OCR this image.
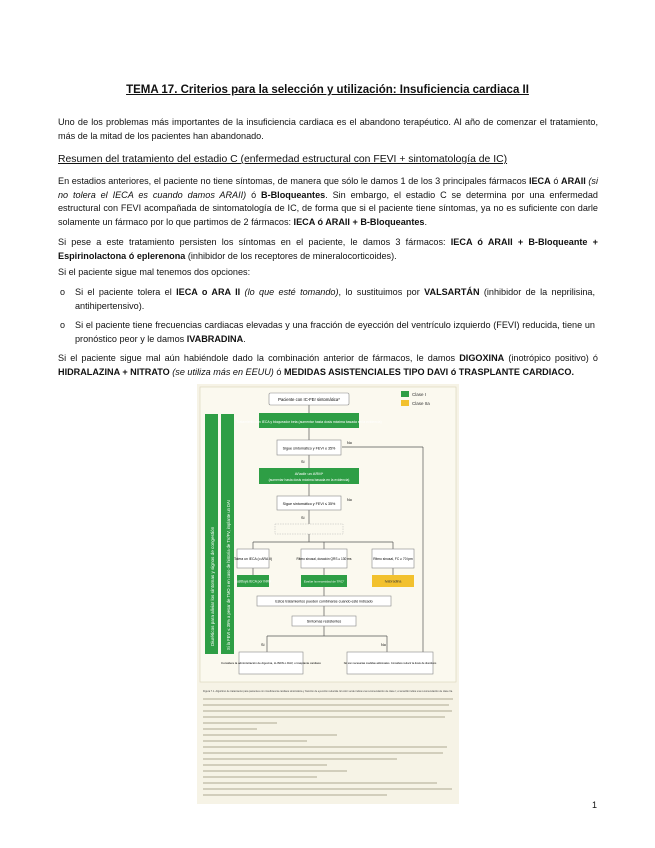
TEMA 17. Criterios para la selección y utilización: Insuficiencia cardiaca II

Uno de los problemas más importantes de la insuficiencia cardiaca es el abandono terapéutico. Al año de comenzar el tratamiento, más de la mitad de los pacientes han abandonado.

Resumen del tratamiento del estadio C (enfermedad estructural con FEVI + sintomatología de IC)

En estadios anteriores, el paciente no tiene síntomas, de manera que sólo le damos 1 de los 3 principales fármacos IECA ó ARAII (si no tolera el IECA es cuando damos ARAII) ó B-Bloqueantes. Sin embargo, el estadio C se determina por una enfermedad estructural con FEVI acompañada de sintomatología de IC, de forma que si el paciente tiene síntomas, ya no es suficiente con darle solamente un fármaco por lo que partimos de 2 fármacos: IECA ó ARAII + B-Bloqueantes.

Si pese a este tratamiento persisten los síntomas en el paciente, le damos 3 fármacos: IECA ó ARAII + B-Bloqueante + Espirinolactona ó eplerenona (inhibidor de los receptores de mineralocorticoides).

Si el paciente sigue mal tenemos dos opciones:

o Si el paciente tolera el IECA o ARA II (lo que esté tomando), lo sustituimos por VALSARTÁN (inhibidor de la neprilisina, antihipertensivo).
o Si el paciente tiene frecuencias cardiacas elevadas y una fracción de eyección del ventrículo izquierdo (FEVI) reducida, tiene un pronóstico peor y le damos IVABRADINA.

Si el paciente sigue mal aún habiéndole dado la combinación anterior de fármacos, le damos DIGOXINA (inotrópico positivo) ó HIDRALAZINA + NITRATO (se utiliza más en EEUU) ó MEDIDAS ASISTENCIALES TIPO DAVI ó TRASPLANTE CARDIACO.

Clase I
Clase IIa
Diuréticos para aliviar los síntomas y signos de congestión	Si la FEVI ≤ 35% a pesar de TMO o en caso de historia de TV/FV, implante un DAI
Paciente con IC-FEr sintomática*
Tratamiento con IECA y bloqueador beta (aumentar hasta dosis máxima basada en la evidencia)
Sigue sintomático y FEVI ≤ 35%
Sí
No
Añadir un ARM*
(aumentar hasta dosis máxima basada en la evidencia)
Sigue sintomático y FEVI ≤ 35%
Sí
No
Tolera un IECA (o ARA II)	Ritmo sinusal, duración QRS ≥ 130 ms	Ritmo sinusal, FC ≥ 70 lpm
Sustituya IECA por INRA	Evalúe la necesidad de TRC*	Ivabradina
Estos tratamientos pueden combinarse cuando esté indicado
Síntomas resistentes
Sí	No
Considere la administración de digoxina, H-ISDN o DAV, o trasplante cardiaco	No son necesarias medidas adicionales. Considere reducir la dosis de diuréticos
Figura 7.1. Algoritmo de tratamiento para pacientes con insuficiencia cardiaca sintomática y fracción de eyección reducida. El color verde indica una recomendación de clase I; el amarillo indica una recomendación de clase IIa.
1
